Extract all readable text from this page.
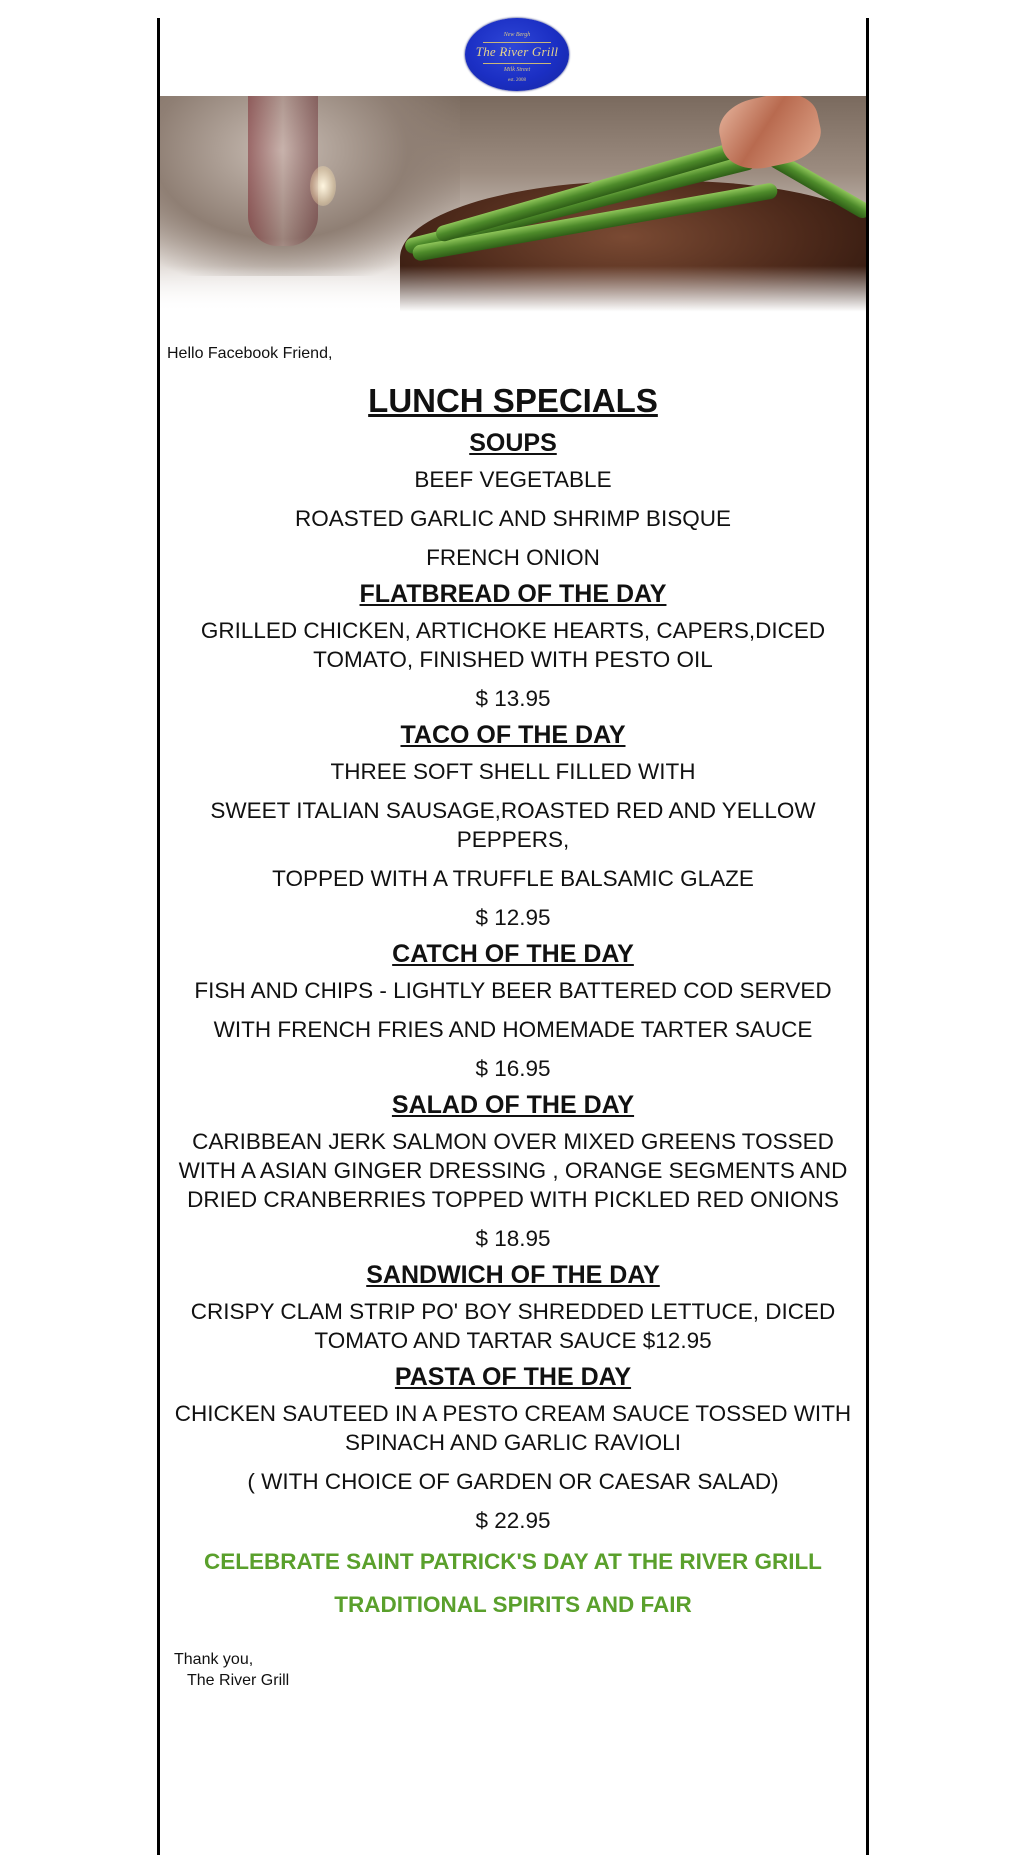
New Bergh
The River Grill
Milk Street
est. 2008

Hello Facebook Friend,

LUNCH SPECIALS
SOUPS

BEEF VEGETABLE

ROASTED GARLIC AND SHRIMP BISQUE

FRENCH ONION

FLATBREAD OF THE DAY

GRILLED CHICKEN, ARTICHOKE HEARTS, CAPERS,DICED TOMATO, FINISHED WITH PESTO OIL

$ 13.95

TACO OF THE DAY

THREE SOFT SHELL FILLED WITH

SWEET ITALIAN SAUSAGE,ROASTED RED AND YELLOW PEPPERS,

TOPPED WITH A TRUFFLE BALSAMIC GLAZE

$ 12.95

CATCH OF THE DAY

FISH AND CHIPS - LIGHTLY BEER BATTERED COD SERVED

WITH FRENCH FRIES AND HOMEMADE TARTER SAUCE

$ 16.95

SALAD OF THE DAY

CARIBBEAN JERK SALMON OVER MIXED GREENS TOSSED WITH A ASIAN GINGER DRESSING , ORANGE SEGMENTS AND DRIED CRANBERRIES TOPPED WITH PICKLED RED ONIONS

$ 18.95

SANDWICH OF THE DAY

CRISPY CLAM STRIP PO' BOY SHREDDED LETTUCE, DICED TOMATO AND TARTAR SAUCE $12.95

PASTA OF THE DAY

CHICKEN SAUTEED IN A PESTO CREAM SAUCE TOSSED WITH SPINACH AND GARLIC RAVIOLI

( WITH CHOICE OF GARDEN OR CAESAR SALAD)

$ 22.95

CELEBRATE SAINT PATRICK'S DAY AT THE RIVER GRILL

TRADITIONAL SPIRITS AND FAIR

Thank you,
The River Grill
